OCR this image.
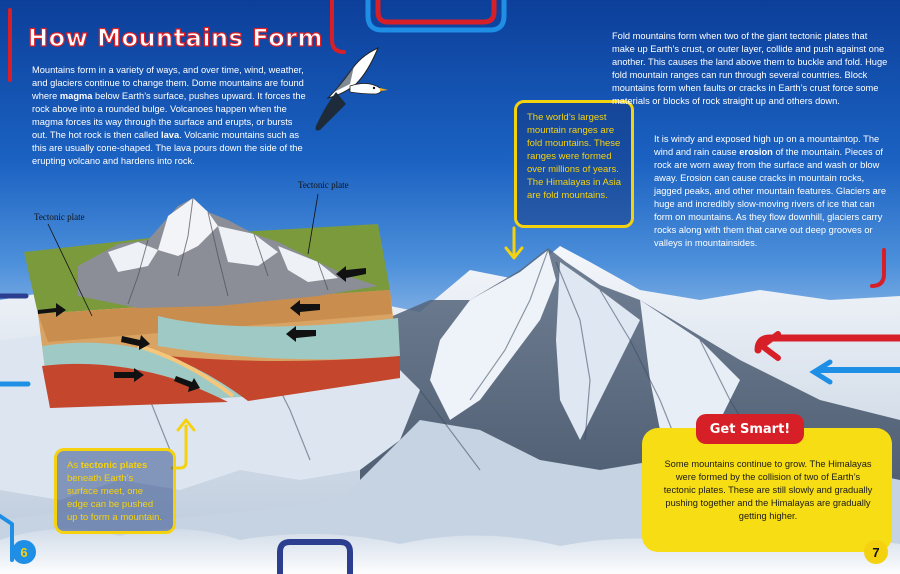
How Mountains Form
Mountains form in a variety of ways, and over time, wind, weather, and glaciers continue to change them. Dome mountains are found where magma below Earth’s surface, pushes upward. It forces the rock above into a rounded bulge. Volcanoes happen when the magma forces its way through the surface and erupts, or bursts out. The hot rock is then called lava. Volcanic mountains such as this are usually cone-shaped. The lava pours down the side of the erupting volcano and hardens into rock.
Tectonic plate
Tectonic plate
As tectonic plates beneath Earth’s surface meet, one edge can be pushed up to form a mountain.
The world’s largest mountain ranges are fold mountains. These ranges were formed over millions of years. The Himalayas in Asia are fold mountains.
Fold mountains form when two of the giant tectonic plates that make up Earth’s crust, or outer layer, collide and push against one another. This causes the land above them to buckle and fold. Huge fold mountain ranges can run through several countries. Block mountains form when faults or cracks in Earth’s crust force some materials or blocks of rock straight up and others down.
It is windy and exposed high up on a mountaintop. The wind and rain cause erosion of the mountain. Pieces of rock are worn away from the surface and wash or blow away. Erosion can cause cracks in mountain rocks, jagged peaks, and other mountain features. Glaciers are huge and incredibly slow-moving rivers of ice that can form on mountains. As they flow downhill, glaciers carry rocks along with them that carve out deep grooves or valleys in mountainsides.
Get Smart!
Some mountains continue to grow. The Himalayas were formed by the collision of two of Earth’s tectonic plates. These are still slowly and gradually pushing together and the Himalayas are gradually getting higher.
6	7
